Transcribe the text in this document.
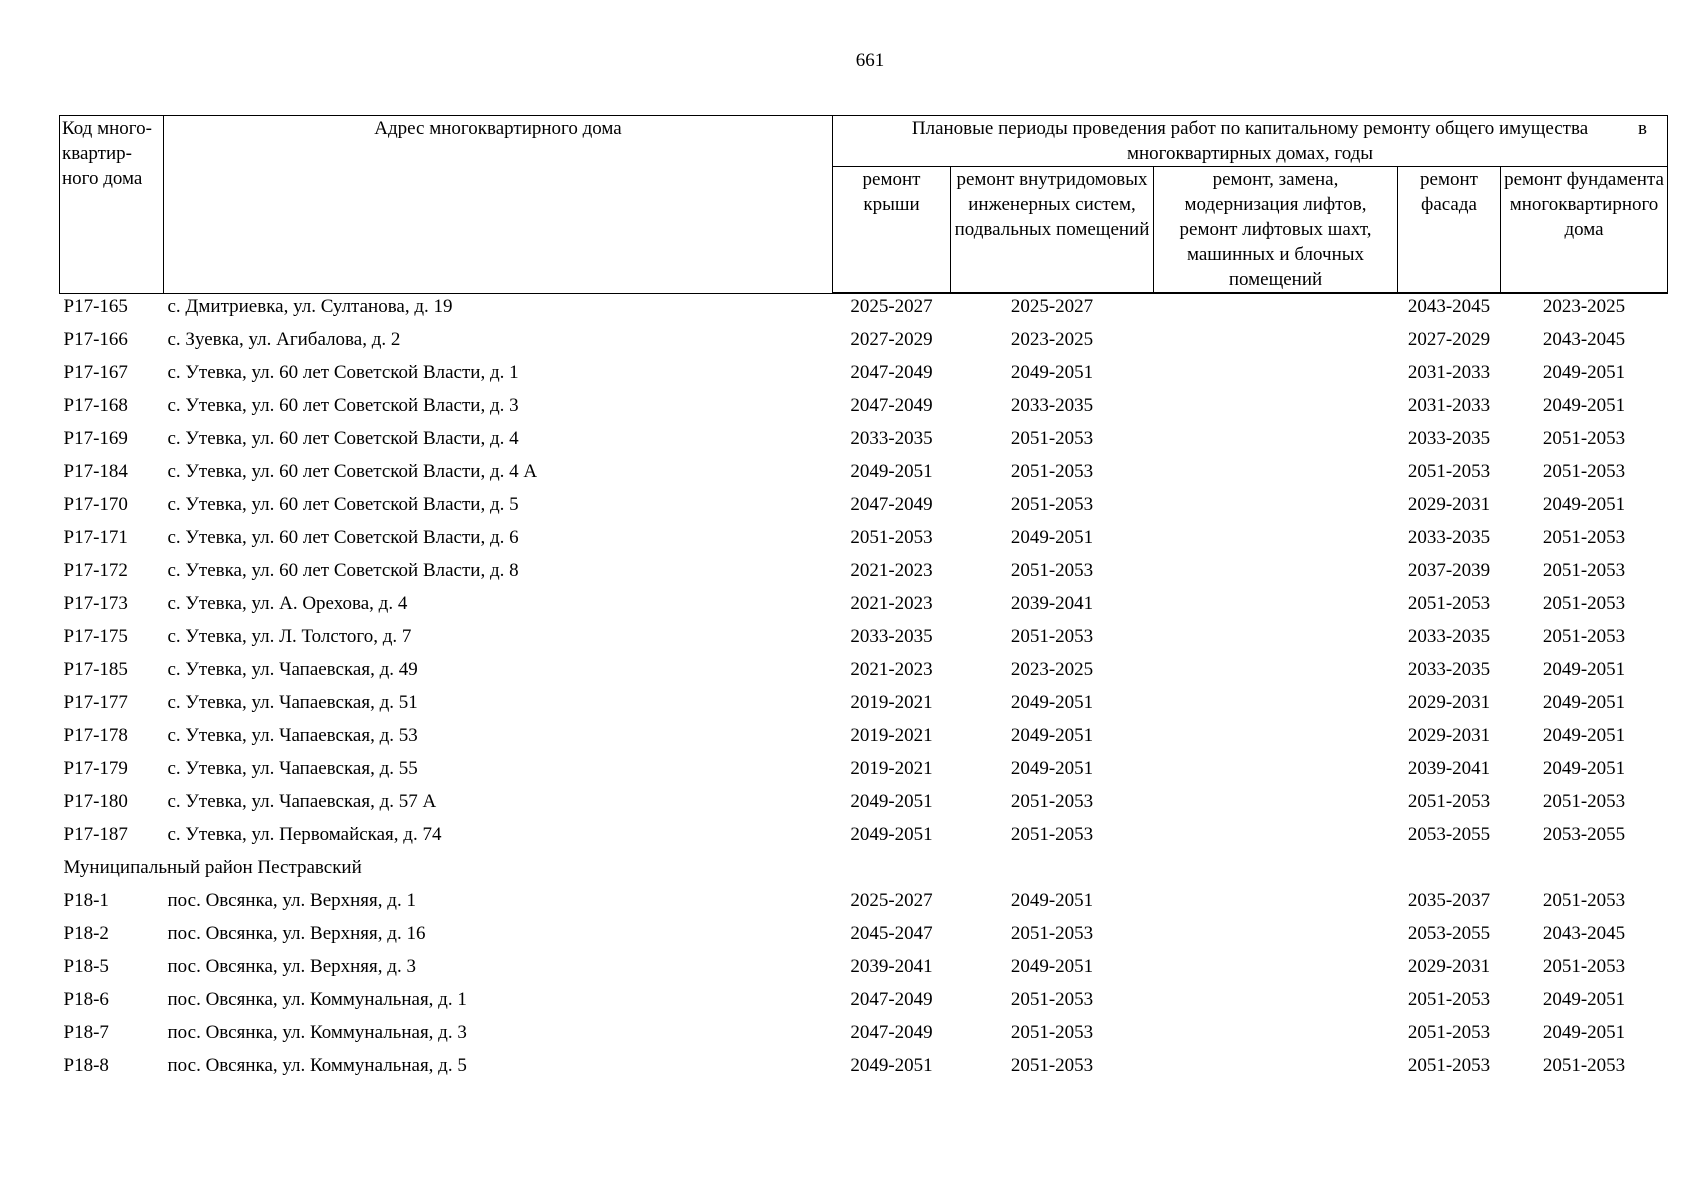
661
Код много-квартир-ного дома	Адрес многоквартирного дома	Плановые периоды проведения работ по капитальному ремонту общего имущества в
многоквартирных домах, годы				

		ремонт крыши	ремонт внутридомовых инженерных систем, подвальных помещений	ремонт, замена, модернизация лифтов, ремонт лифтовых шахт, машинных и блочных помещений	ремонт фасада	ремонт фундамента многоквартирного дома
Р17-165	с. Дмитриевка, ул. Султанова, д. 19	2025-2027	2025-2027		2043-2045	2023-2025
Р17-166	с. Зуевка, ул. Агибалова, д. 2	2027-2029	2023-2025		2027-2029	2043-2045
Р17-167	с. Утевка, ул. 60 лет Советской Власти, д. 1	2047-2049	2049-2051		2031-2033	2049-2051
Р17-168	с. Утевка, ул. 60 лет Советской Власти, д. 3	2047-2049	2033-2035		2031-2033	2049-2051
Р17-169	с. Утевка, ул. 60 лет Советской Власти, д. 4	2033-2035	2051-2053		2033-2035	2051-2053
Р17-184	с. Утевка, ул. 60 лет Советской Власти, д. 4 А	2049-2051	2051-2053		2051-2053	2051-2053
Р17-170	с. Утевка, ул. 60 лет Советской Власти, д. 5	2047-2049	2051-2053		2029-2031	2049-2051
Р17-171	с. Утевка, ул. 60 лет Советской Власти, д. 6	2051-2053	2049-2051		2033-2035	2051-2053
Р17-172	с. Утевка, ул. 60 лет Советской Власти, д. 8	2021-2023	2051-2053		2037-2039	2051-2053
Р17-173	с. Утевка, ул. А. Орехова, д. 4	2021-2023	2039-2041		2051-2053	2051-2053
Р17-175	с. Утевка, ул. Л. Толстого, д. 7	2033-2035	2051-2053		2033-2035	2051-2053
Р17-185	с. Утевка, ул. Чапаевская, д. 49	2021-2023	2023-2025		2033-2035	2049-2051
Р17-177	с. Утевка, ул. Чапаевская, д. 51	2019-2021	2049-2051		2029-2031	2049-2051
Р17-178	с. Утевка, ул. Чапаевская, д. 53	2019-2021	2049-2051		2029-2031	2049-2051
Р17-179	с. Утевка, ул. Чапаевская, д. 55	2019-2021	2049-2051		2039-2041	2049-2051
Р17-180	с. Утевка, ул. Чапаевская, д. 57 А	2049-2051	2051-2053		2051-2053	2051-2053
Р17-187	с. Утевка, ул. Первомайская, д. 74	2049-2051	2051-2053		2053-2055	2053-2055
Муниципальный район Пестравский						
Р18-1	пос. Овсянка, ул. Верхняя, д. 1	2025-2027	2049-2051		2035-2037	2051-2053
Р18-2	пос. Овсянка, ул. Верхняя, д. 16	2045-2047	2051-2053		2053-2055	2043-2045
Р18-5	пос. Овсянка, ул. Верхняя, д. 3	2039-2041	2049-2051		2029-2031	2051-2053
Р18-6	пос. Овсянка, ул. Коммунальная, д. 1	2047-2049	2051-2053		2051-2053	2049-2051
Р18-7	пос. Овсянка, ул. Коммунальная, д. 3	2047-2049	2051-2053		2051-2053	2049-2051
Р18-8	пос. Овсянка, ул. Коммунальная, д. 5	2049-2051	2051-2053		2051-2053	2051-2053
